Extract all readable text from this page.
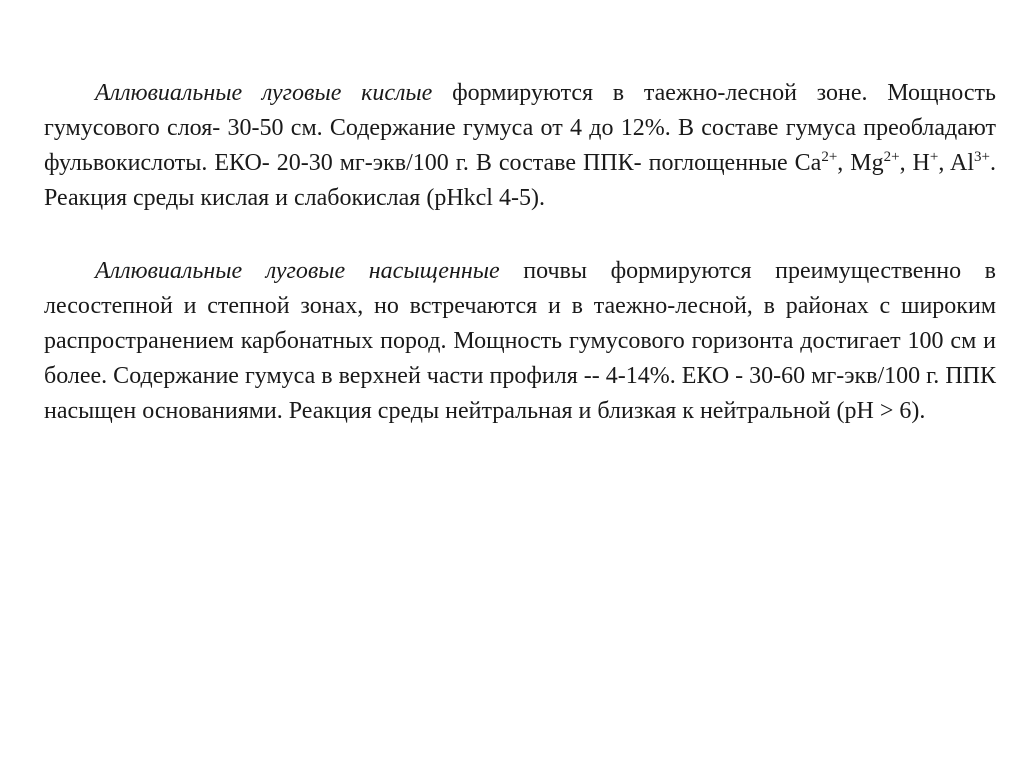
Аллювиальные луговые кислые формируются в таежно-лесной зоне. Мощность гумусового слоя- 30-50 см. Содержание гумуса от 4 до 12%. В составе гумуса преобладают фульвокислоты. ЕКО- 20-30 мг-экв/100 г. В составе ППК- поглощенные $Ca^{2+}$, $Mg^{2+}$, H+, $Al^{3+}$. Реакция среды кислая и слабокислая (pHkcl 4-5).

Аллювиальные луговые насыщенные почвы формируются преимущественно в лесостепной и степной зонах, но встречаются и в таежно-лесной, в районах с широким распространением карбонатных пород. Мощность гумусового горизонта достигает 100 см и более. Содержание гумуса в верхней части профиля -- 4-14%. ЕКО - 30-60 мг-экв/100 г. ППК насыщен основаниями. Реакция среды нейтральная и близкая к нейтральной (pH > 6).
